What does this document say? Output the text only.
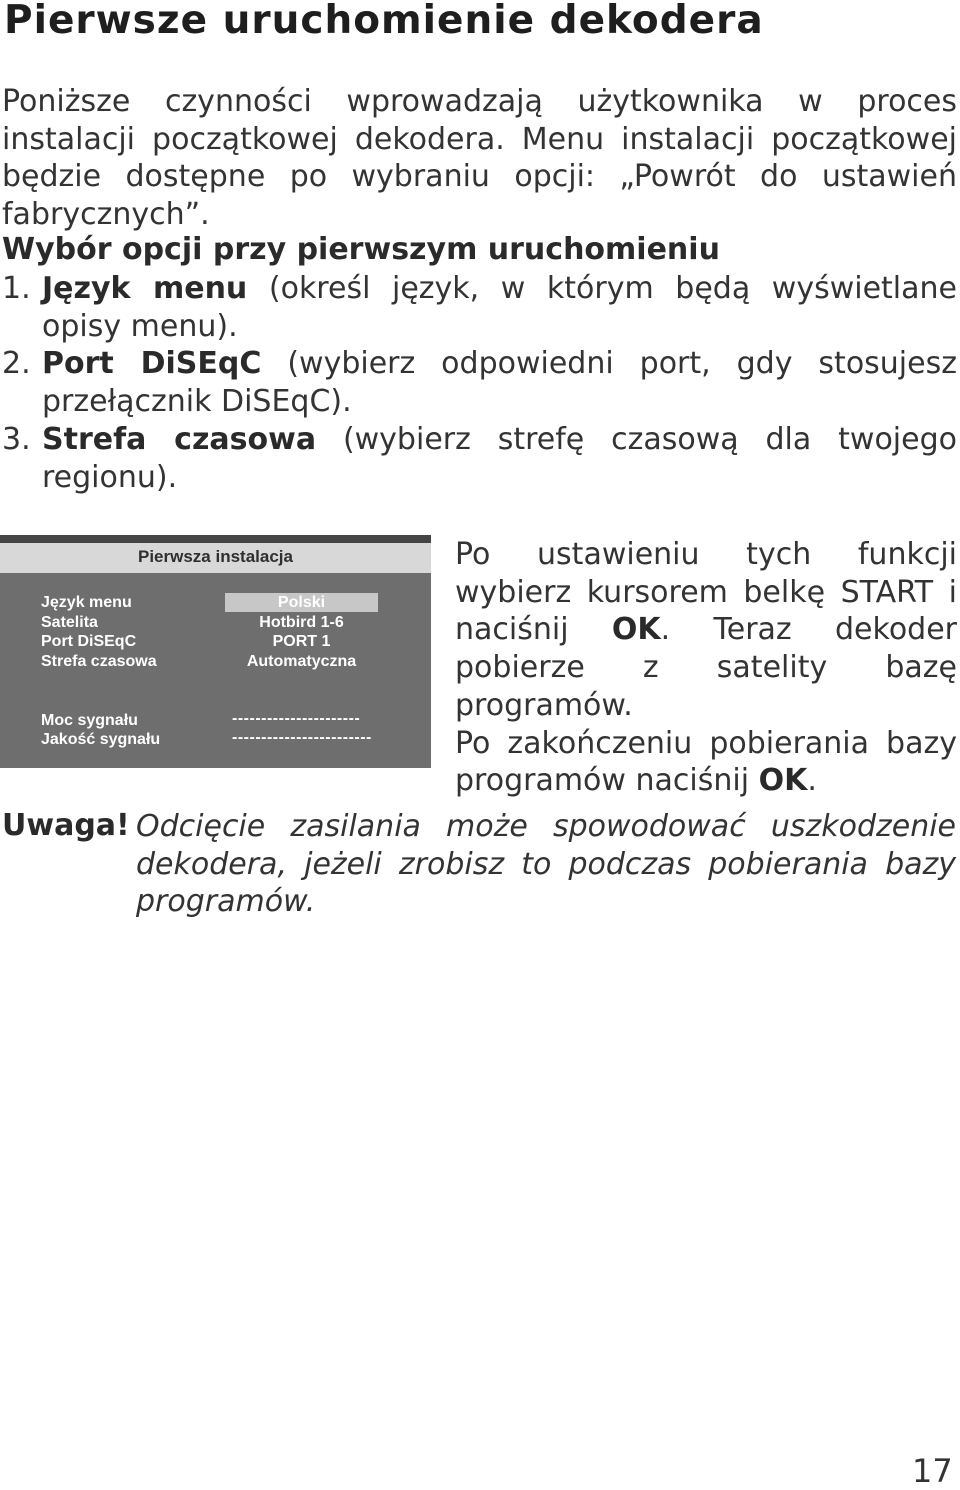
Pierwsze uruchomienie dekodera
Poniższe czynności wprowadzają użytkownika w proces instalacji początkowej dekodera. Menu instalacji początkowej będzie dostępne po wybraniu opcji: „Powrót do ustawień fabrycznych”.
Wybór opcji przy pierwszym uruchomieniu
1. Język menu (określ język, w którym będą wyświetlane opisy menu).
2. Port DiSEqC (wybierz odpowiedni port, gdy stosujesz przełącznik DiSEqC).
3. Strefa czasowa (wybierz strefę czasową dla twojego regionu).
Pierwsza instalacja
Język menu	Polski
Satelita	Hotbird 1-6
Port DiSEqC	PORT 1
Strefa czasowa	Automatyczna
Moc sygnału	----------------------
Jakość sygnału	------------------------
Po ustawieniu tych funkcji wybierz kursorem belkę START i naciśnij OK. Teraz dekoder pobierze z satelity bazę programów.
Po zakończeniu pobierania bazy programów naciśnij OK.
Uwaga! Odcięcie zasilania może spowodować uszkodzenie dekodera, jeżeli zrobisz to podczas pobierania bazy programów.
17
